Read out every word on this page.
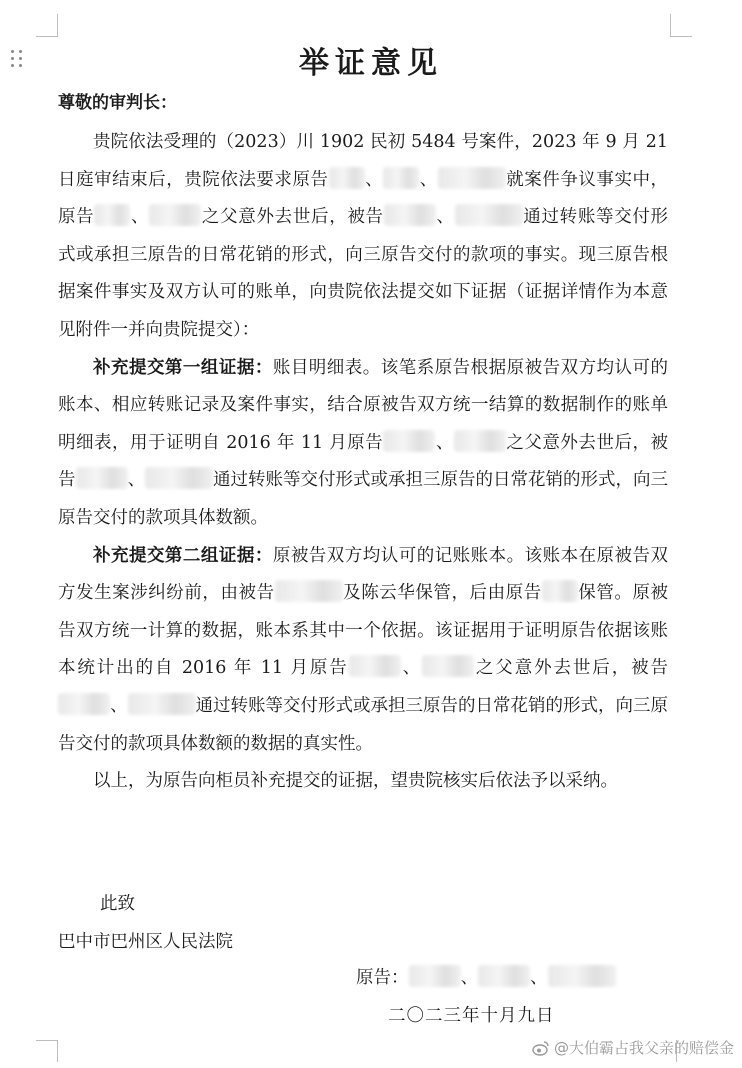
举证意见
尊敬的审判长：

贵院依法受理的（2023）川 1902 民初 5484 号案件，2023 年 9 月 21 日庭审结束后，贵院依法要求原告 、 、	就案件争议事实中，原告 、	之父意外去世后，被告	、	通过转账等交付形式或承担三原告的日常花销的形式，向三原告交付的款项的事实。现三原告根据案件事实及双方认可的账单，向贵院依法提交如下证据（证据详情作为本意见附件一并向贵院提交）：

补充提交第一组证据：账目明细表。该笔系原告根据原被告双方均认可的账本、相应转账记录及案件事实，结合原被告双方统一结算的数据制作的账单明细表，用于证明自 2016 年 11 月原告	、	之父意外去世后，被告	、	通过转账等交付形式或承担三原告的日常花销的形式，向三原告交付的款项具体数额。

补充提交第二组证据：原被告双方均认可的记账账本。该账本在原被告双方发生案涉纠纷前，由被告	及陈云华保管，后由原告 保管。原被告双方统一计算的数据，账本系其中一个依据。该证据用于证明原告依据该账本统计出的自 2016 年 11 月原告	、	之父意外去世后，被告、	通过转账等交付形式或承担三原告的日常花销的形式，向三原告交付的款项具体数额的数据的真实性。

以上，为原告向柜员补充提交的证据，望贵院核实后依法予以采纳。

此致
巴中市巴州区人民法院
原告：	、	、
二〇二三年十月九日
@大伯霸占我父亲的赔偿金
